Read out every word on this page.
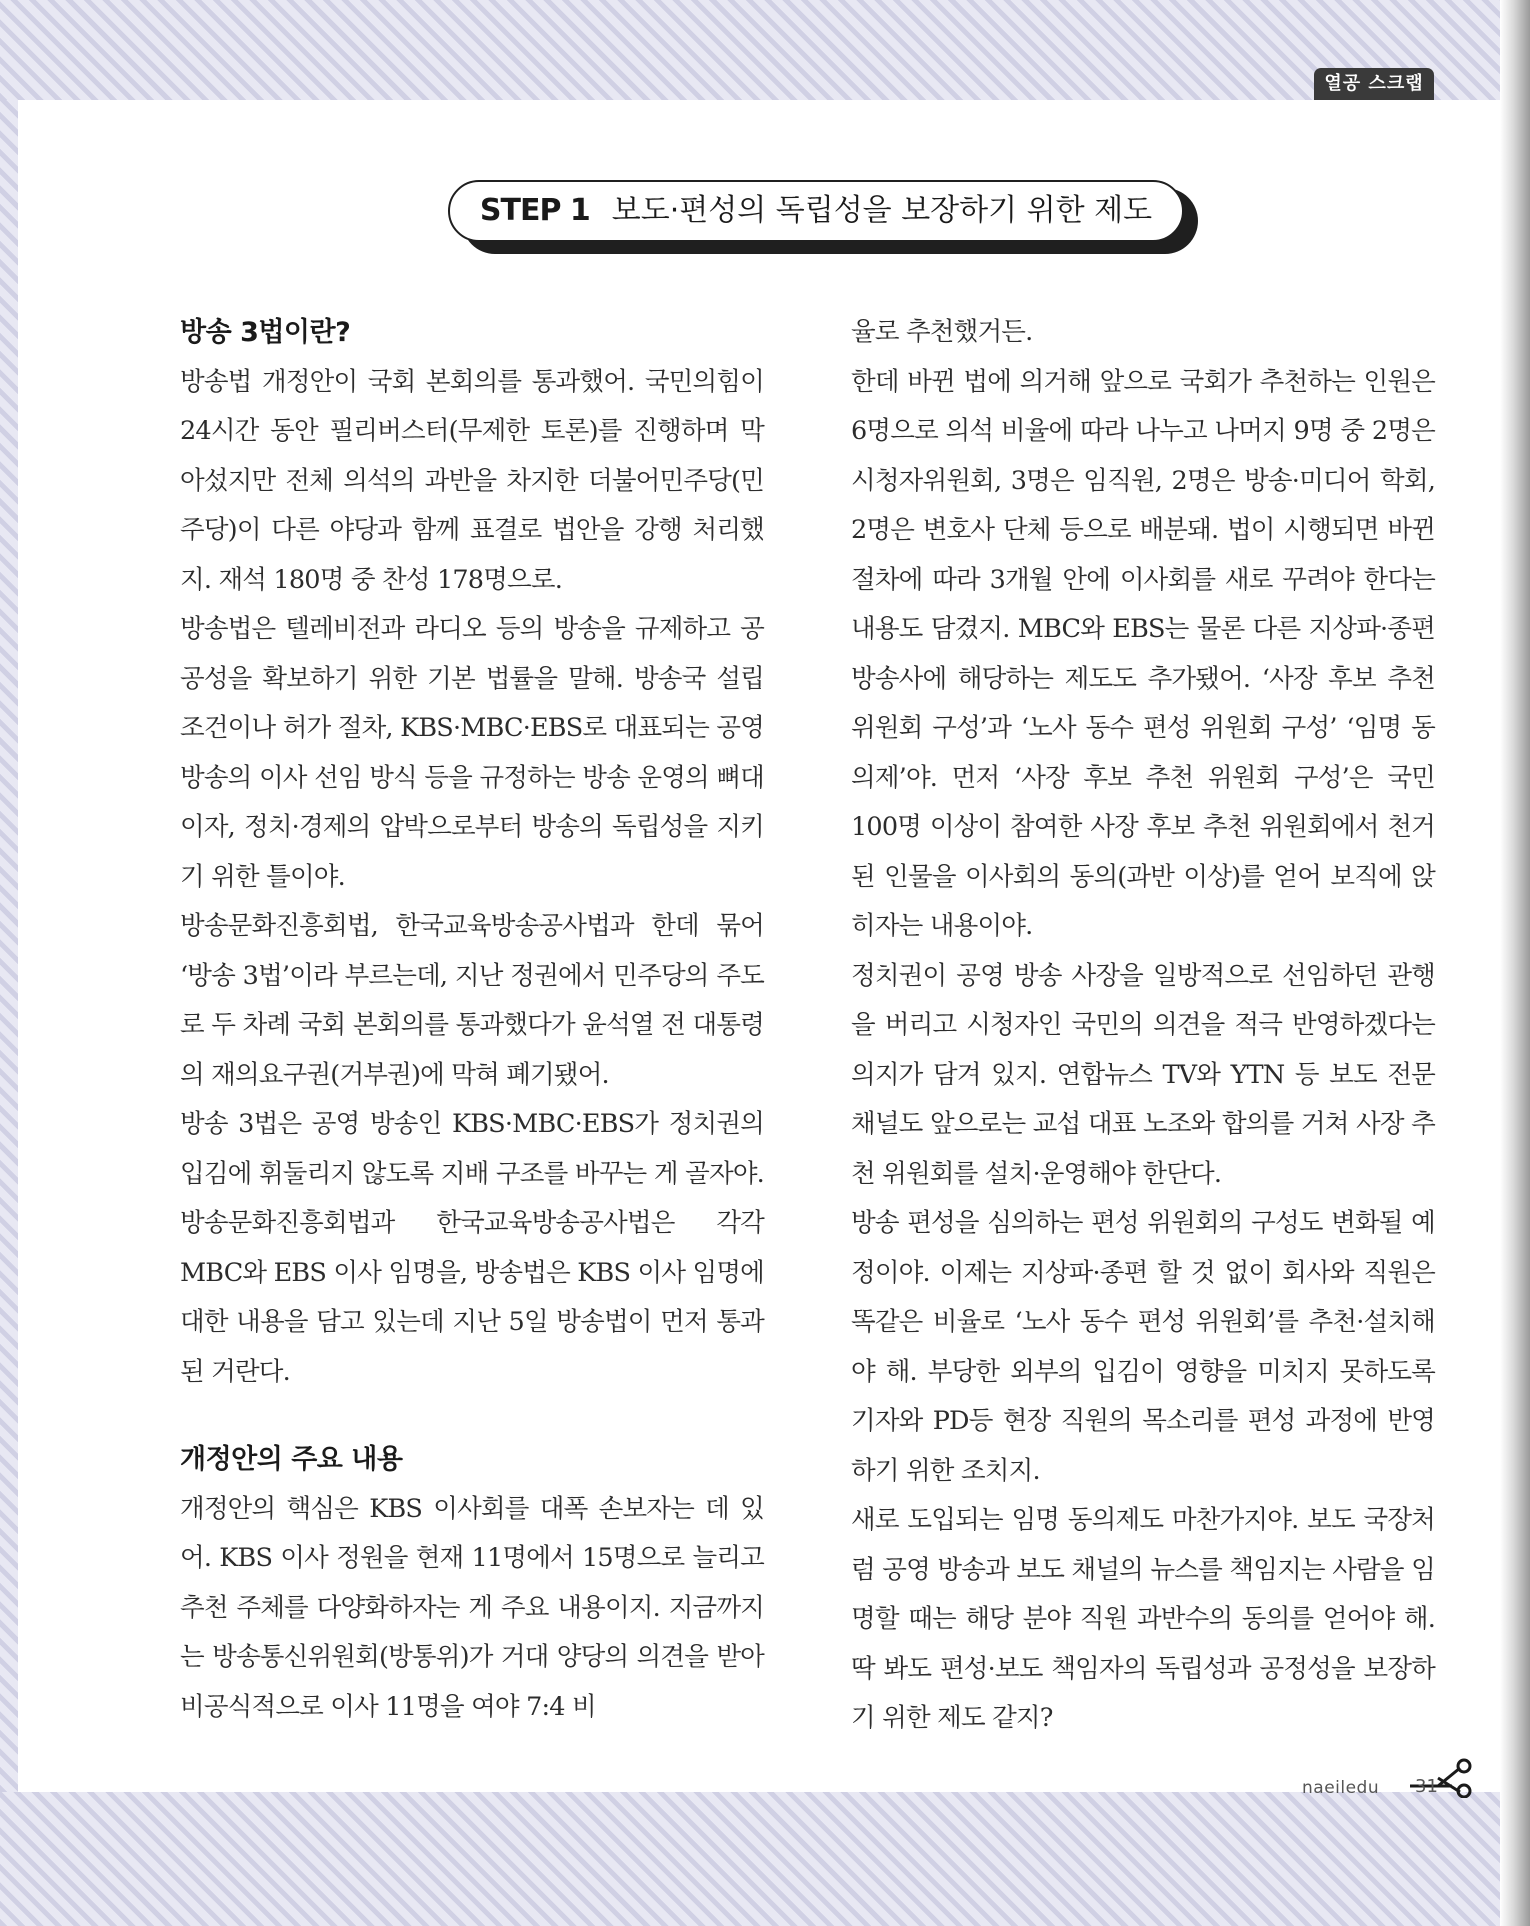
열공 스크랩
STEP 1 보도·편성의 독립성을 보장하기 위한 제도
방송 3법이란?

방송법 개정안이 국회 본회의를 통과했어. 국민의힘이 24시간 동안 필리버스터(무제한 토론)를 진행하며 막아섰지만 전체 의석의 과반을 차지한 더불어민주당(민주당)이 다른 야당과 함께 표결로 법안을 강행 처리했지. 재석 180명 중 찬성 178명으로.

방송법은 텔레비전과 라디오 등의 방송을 규제하고 공공성을 확보하기 위한 기본 법률을 말해. 방송국 설립 조건이나 허가 절차, KBS·MBC·EBS로 대표되는 공영 방송의 이사 선임 방식 등을 규정하는 방송 운영의 뼈대이자, 정치·경제의 압박으로부터 방송의 독립성을 지키기 위한 틀이야.

방송문화진흥회법, 한국교육방송공사법과 한데 묶어 ‘방송 3법’이라 부르는데, 지난 정권에서 민주당의 주도로 두 차례 국회 본회의를 통과했다가 윤석열 전 대통령의 재의요구권(거부권)에 막혀 폐기됐어.

방송 3법은 공영 방송인 KBS·MBC·EBS가 정치권의 입김에 휘둘리지 않도록 지배 구조를 바꾸는 게 골자야. 방송문화진흥회법과 한국교육방송공사법은 각각 MBC와 EBS 이사 임명을, 방송법은 KBS 이사 임명에 대한 내용을 담고 있는데 지난 5일 방송법이 먼저 통과된 거란다.

개정안의 주요 내용

개정안의 핵심은 KBS 이사회를 대폭 손보자는 데 있어. KBS 이사 정원을 현재 11명에서 15명으로 늘리고 추천 주체를 다양화하자는 게 주요 내용이지. 지금까지는 방송통신위원회(방통위)가 거대 양당의 의견을 받아 비공식적으로 이사 11명을 여야 7:4 비

율로 추천했거든.

한데 바뀐 법에 의거해 앞으로 국회가 추천하는 인원은 6명으로 의석 비율에 따라 나누고 나머지 9명 중 2명은 시청자위원회, 3명은 임직원, 2명은 방송·미디어 학회, 2명은 변호사 단체 등으로 배분돼. 법이 시행되면 바뀐 절차에 따라 3개월 안에 이사회를 새로 꾸려야 한다는 내용도 담겼지. MBC와 EBS는 물론 다른 지상파·종편 방송사에 해당하는 제도도 추가됐어. ‘사장 후보 추천 위원회 구성’과 ‘노사 동수 편성 위원회 구성’ ‘임명 동의제’야. 먼저 ‘사장 후보 추천 위원회 구성’은 국민 100명 이상이 참여한 사장 후보 추천 위원회에서 천거된 인물을 이사회의 동의(과반 이상)를 얻어 보직에 앉히자는 내용이야.

정치권이 공영 방송 사장을 일방적으로 선임하던 관행을 버리고 시청자인 국민의 의견을 적극 반영하겠다는 의지가 담겨 있지. 연합뉴스 TV와 YTN 등 보도 전문 채널도 앞으로는 교섭 대표 노조와 합의를 거쳐 사장 추천 위원회를 설치·운영해야 한단다.

방송 편성을 심의하는 편성 위원회의 구성도 변화될 예정이야. 이제는 지상파·종편 할 것 없이 회사와 직원은 똑같은 비율로 ‘노사 동수 편성 위원회’를 추천·설치해야 해. 부당한 외부의 입김이 영향을 미치지 못하도록 기자와 PD등 현장 직원의 목소리를 편성 과정에 반영하기 위한 조치지.

새로 도입되는 임명 동의제도 마찬가지야. 보도 국장처럼 공영 방송과 보도 채널의 뉴스를 책임지는 사람을 임명할 때는 해당 분야 직원 과반수의 동의를 얻어야 해. 딱 봐도 편성·보도 책임자의 독립성과 공정성을 보장하기 위한 제도 같지?

naeiledu 31
